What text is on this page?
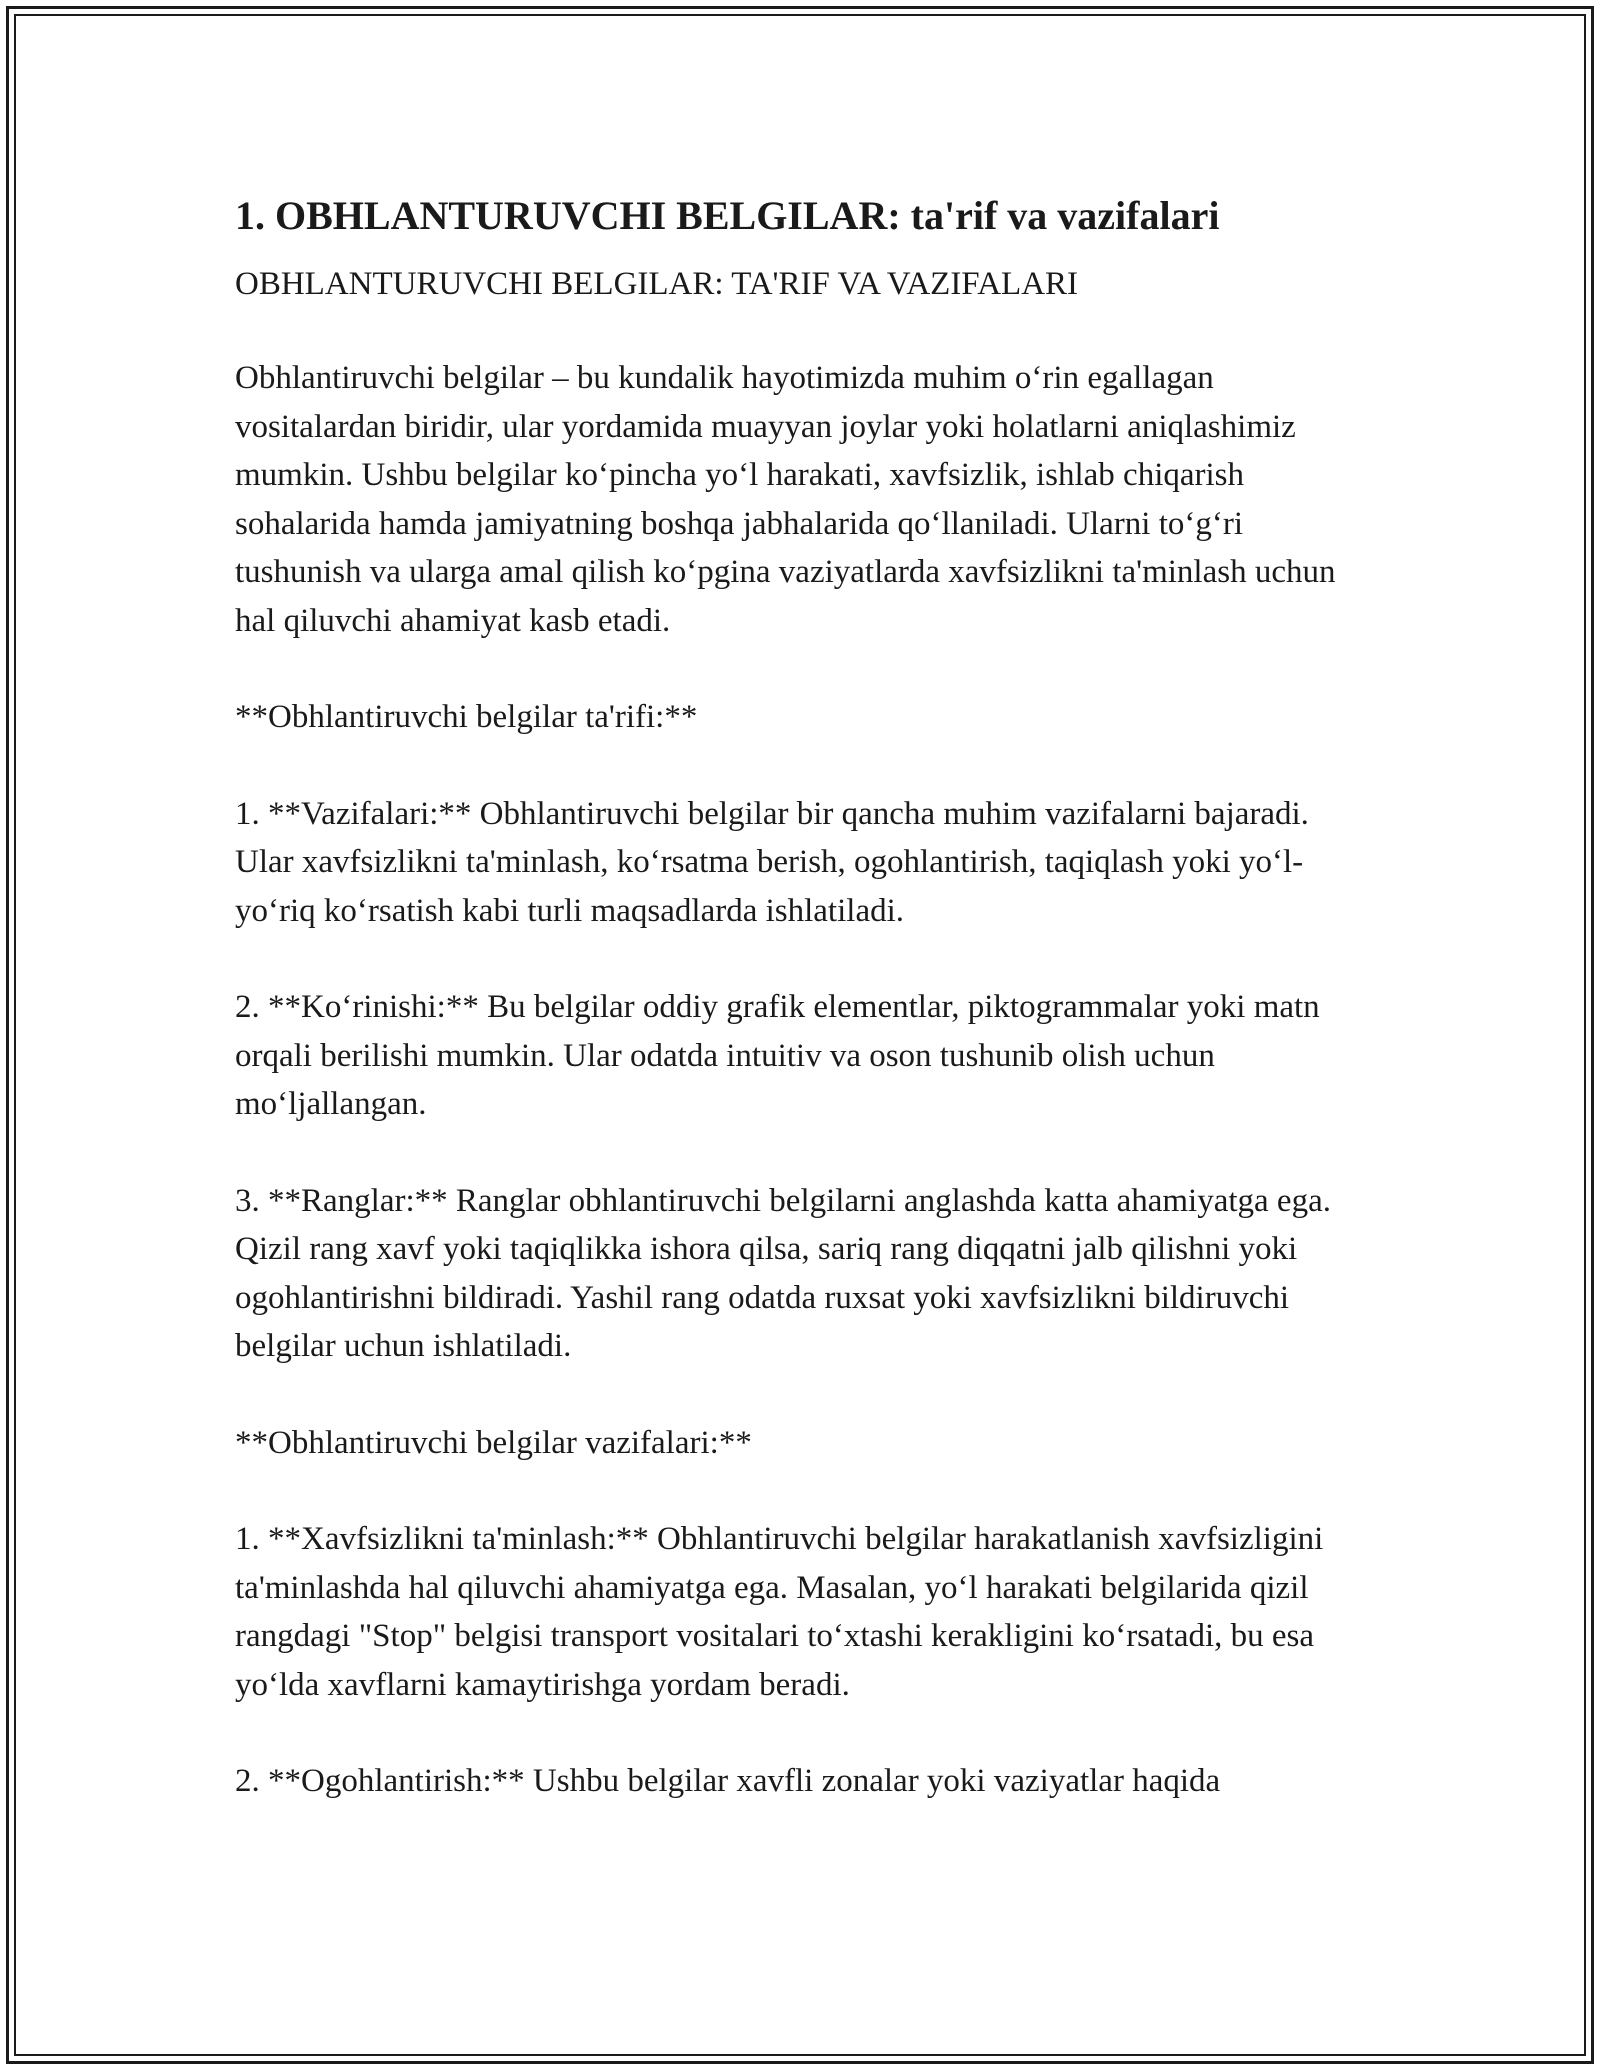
1. OBHLANTURUVCHI BELGILAR: ta'rif va vazifalari

OBHLANTURUVCHI BELGILAR: TA'RIF VA VAZIFALARI

Obhlantiruvchi belgilar – bu kundalik hayotimizda muhim o‘rin egallagan vositalardan biridir, ular yordamida muayyan joylar yoki holatlarni aniqlashimiz mumkin. Ushbu belgilar ko‘pincha yo‘l harakati, xavfsizlik, ishlab chiqarish sohalarida hamda jamiyatning boshqa jabhalarida qo‘llaniladi. Ularni to‘g‘ri tushunish va ularga amal qilish ko‘pgina vaziyatlarda xavfsizlikni ta'minlash uchun hal qiluvchi ahamiyat kasb etadi.

**Obhlantiruvchi belgilar ta'rifi:**

1. **Vazifalari:** Obhlantiruvchi belgilar bir qancha muhim vazifalarni bajaradi. Ular xavfsizlikni ta'minlash, ko‘rsatma berish, ogohlantirish, taqiqlash yoki yo‘l-yo‘riq ko‘rsatish kabi turli maqsadlarda ishlatiladi.

2. **Ko‘rinishi:** Bu belgilar oddiy grafik elementlar, piktogrammalar yoki matn orqali berilishi mumkin. Ular odatda intuitiv va oson tushunib olish uchun mo‘ljallangan.

3. **Ranglar:** Ranglar obhlantiruvchi belgilarni anglashda katta ahamiyatga ega. Qizil rang xavf yoki taqiqlikka ishora qilsa, sariq rang diqqatni jalb qilishni yoki ogohlantirishni bildiradi. Yashil rang odatda ruxsat yoki xavfsizlikni bildiruvchi belgilar uchun ishlatiladi.

**Obhlantiruvchi belgilar vazifalari:**

1. **Xavfsizlikni ta'minlash:** Obhlantiruvchi belgilar harakatlanish xavfsizligini ta'minlashda hal qiluvchi ahamiyatga ega. Masalan, yo‘l harakati belgilarida qizil rangdagi "Stop" belgisi transport vositalari to‘xtashi kerakligini ko‘rsatadi, bu esa yo‘lda xavflarni kamaytirishga yordam beradi.

2. **Ogohlantirish:** Ushbu belgilar xavfli zonalar yoki vaziyatlar haqida
